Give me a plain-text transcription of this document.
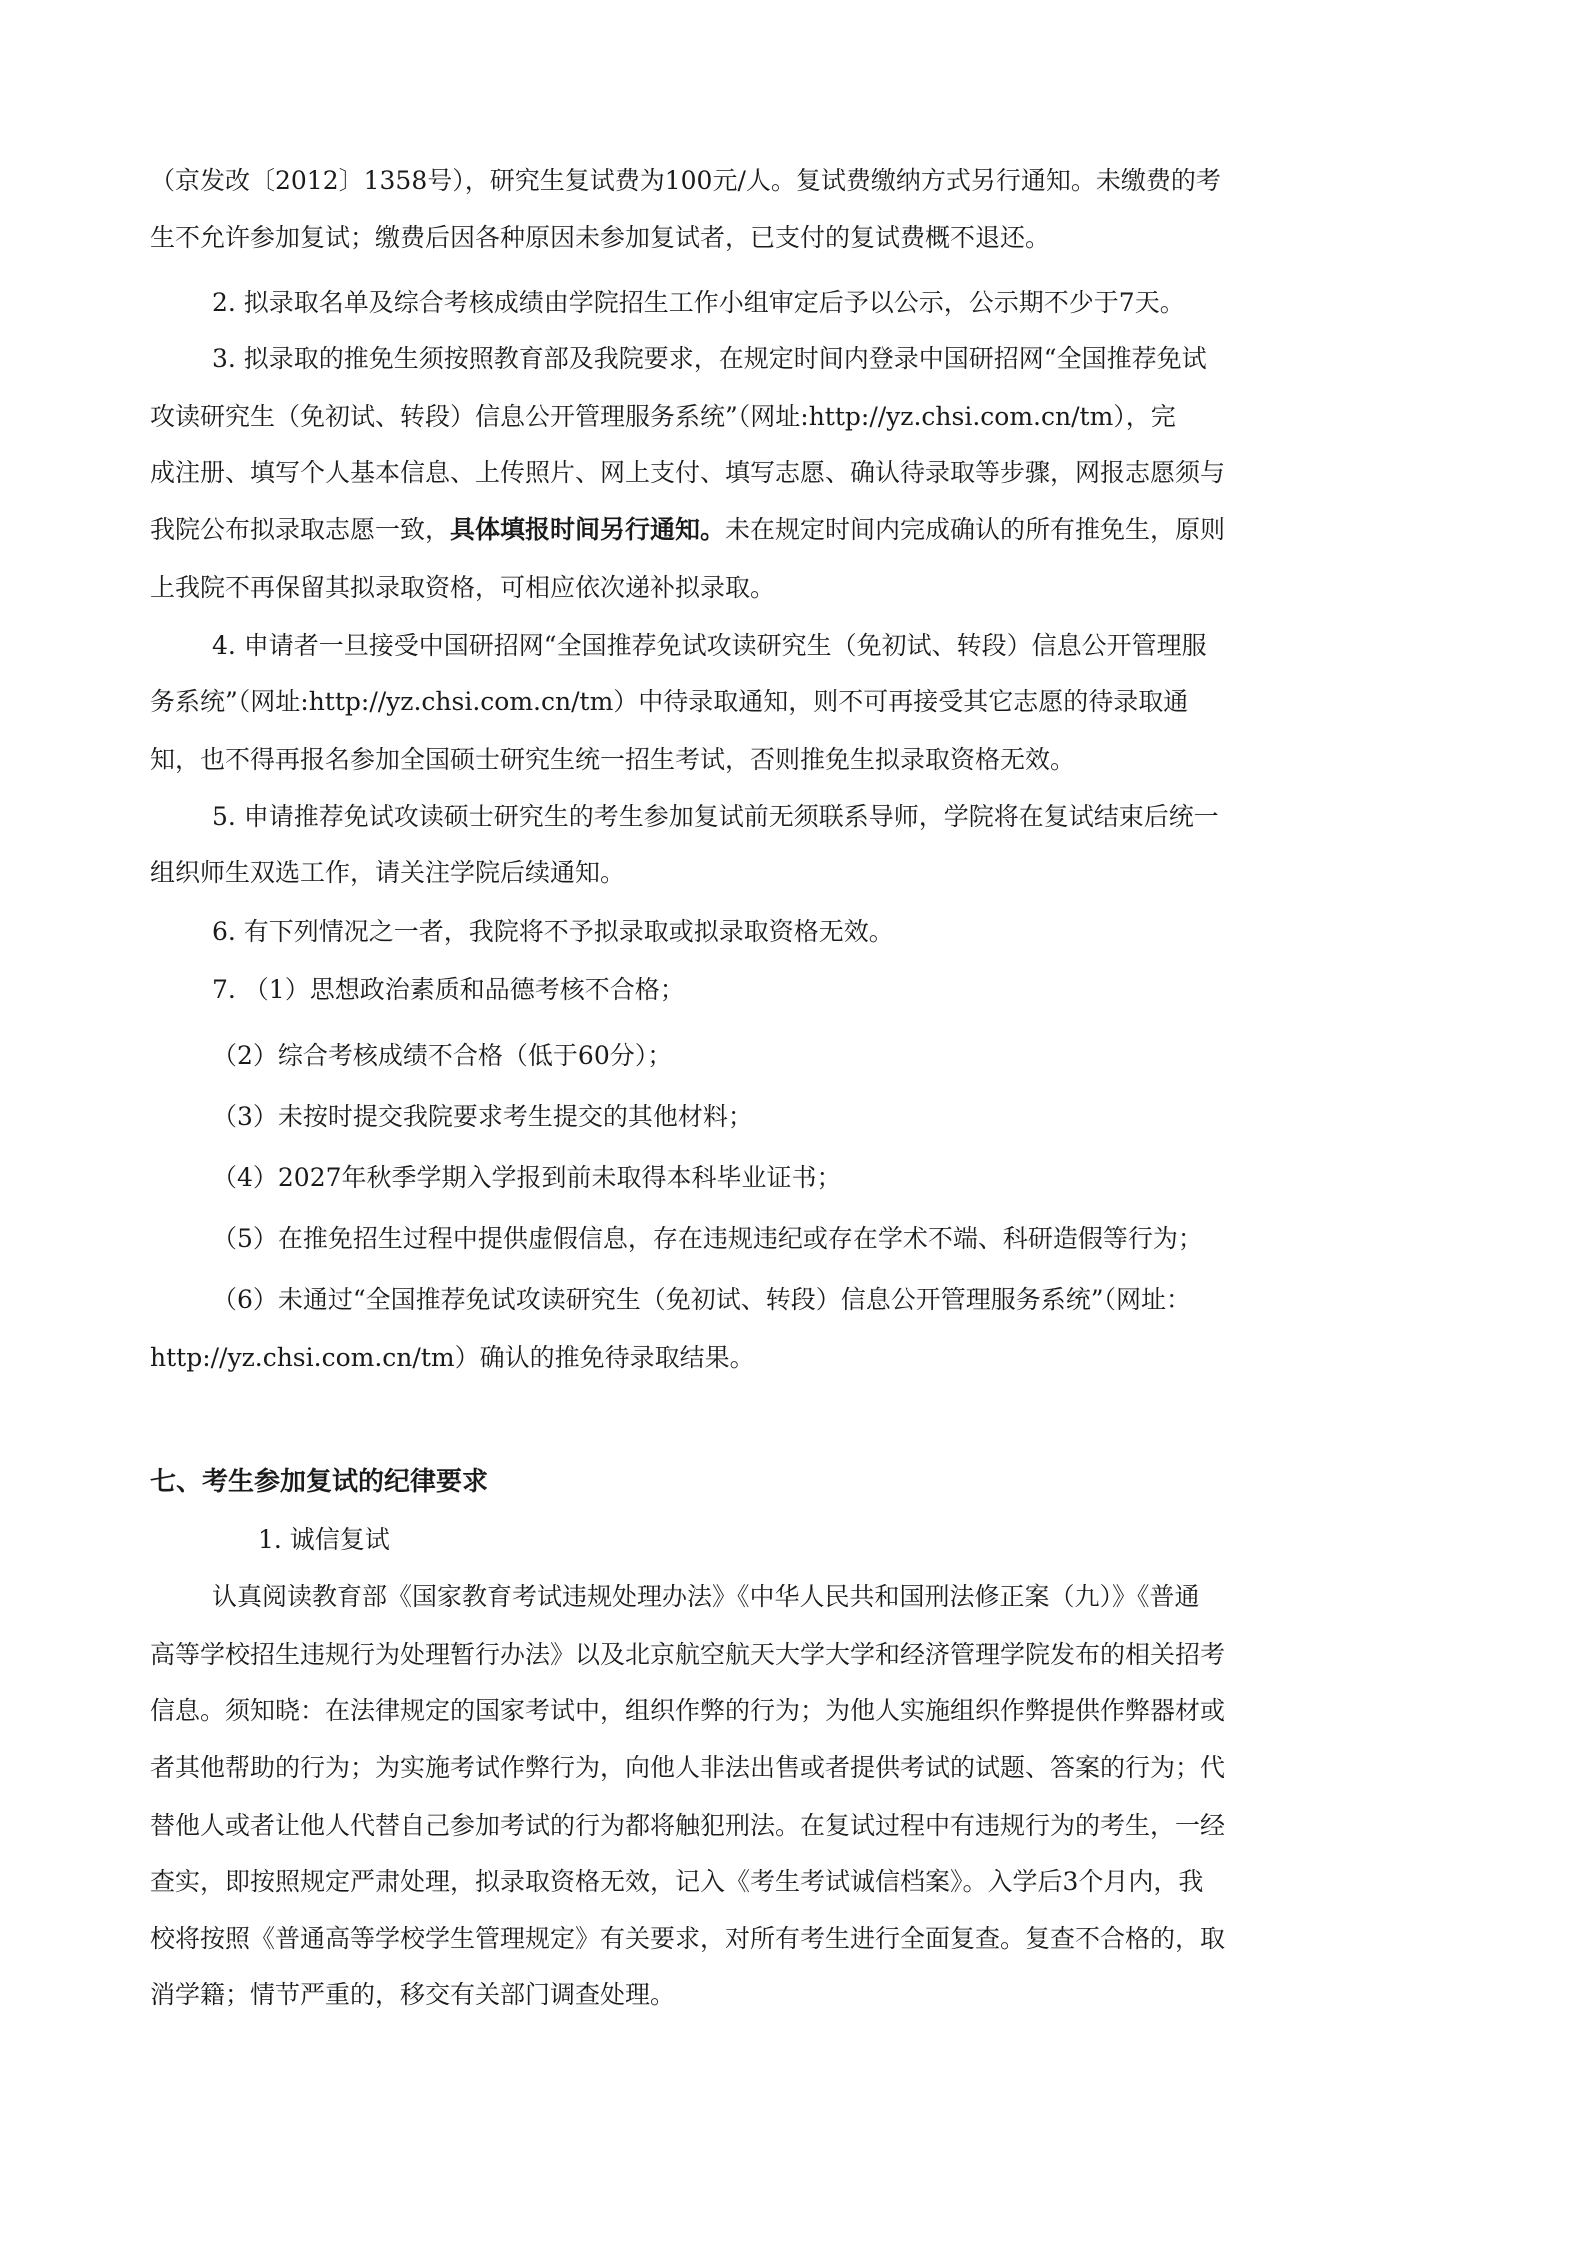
（京发改〔2012〕1358号），研究生复试费为100元/人。复试费缴纳方式另行通知。未缴费的考
生不允许参加复试；缴费后因各种原因未参加复试者，已支付的复试费概不退还。
2. 拟录取名单及综合考核成绩由学院招生工作小组审定后予以公示，公示期不少于7天。
3. 拟录取的推免生须按照教育部及我院要求，在规定时间内登录中国研招网“全国推荐免试
攻读研究生（免初试、转段）信息公开管理服务系统”（网址:http://yz.chsi.com.cn/tm），完
成注册、填写个人基本信息、上传照片、网上支付、填写志愿、确认待录取等步骤，网报志愿须与
我院公布拟录取志愿一致，具体填报时间另行通知。未在规定时间内完成确认的所有推免生，原则
上我院不再保留其拟录取资格，可相应依次递补拟录取。
4. 申请者一旦接受中国研招网“全国推荐免试攻读研究生（免初试、转段）信息公开管理服
务系统”（网址:http://yz.chsi.com.cn/tm）中待录取通知，则不可再接受其它志愿的待录取通
知，也不得再报名参加全国硕士研究生统一招生考试，否则推免生拟录取资格无效。
5. 申请推荐免试攻读硕士研究生的考生参加复试前无须联系导师，学院将在复试结束后统一
组织师生双选工作，请关注学院后续通知。
6. 有下列情况之一者，我院将不予拟录取或拟录取资格无效。
7. （1）思想政治素质和品德考核不合格；
（2）综合考核成绩不合格（低于60分）；
（3）未按时提交我院要求考生提交的其他材料；
（4）2027年秋季学期入学报到前未取得本科毕业证书；
（5）在推免招生过程中提供虚假信息，存在违规违纪或存在学术不端、科研造假等行为；
（6）未通过“全国推荐免试攻读研究生（免初试、转段）信息公开管理服务系统”（网址：
http://yz.chsi.com.cn/tm）确认的推免待录取结果。
七、考生参加复试的纪律要求
1. 诚信复试
认真阅读教育部《国家教育考试违规处理办法》《中华人民共和国刑法修正案（九）》《普通
高等学校招生违规行为处理暂行办法》以及北京航空航天大学大学和经济管理学院发布的相关招考
信息。须知晓：在法律规定的国家考试中，组织作弊的行为；为他人实施组织作弊提供作弊器材或
者其他帮助的行为；为实施考试作弊行为，向他人非法出售或者提供考试的试题、答案的行为；代
替他人或者让他人代替自己参加考试的行为都将触犯刑法。在复试过程中有违规行为的考生，一经
查实，即按照规定严肃处理，拟录取资格无效，记入《考生考试诚信档案》。入学后3个月内，我
校将按照《普通高等学校学生管理规定》有关要求，对所有考生进行全面复查。复查不合格的，取
消学籍；情节严重的，移交有关部门调查处理。
